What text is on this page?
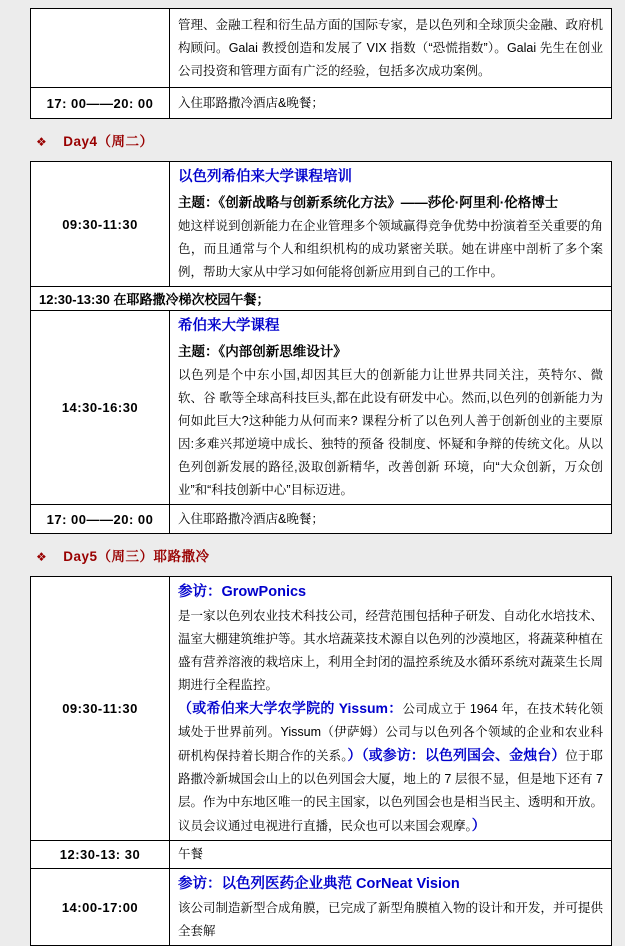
	管理、金融工程和衍生品方面的国际专家，是以色列和全球顶尖金融、政府机构顾问。Galai 教授创造和发展了 VIX 指数（“恐慌指数”）。Galai 先生在创业公司投资和管理方面有广泛的经验，包括多次成功案例。

17: 00——20: 00	入住耶路撒冷酒店&晚餐；

❖ Day4（周二）
09:30-11:30	以色列希伯来大学课程培训

主题：《创新战略与创新系统化方法》——莎伦·阿里利·伦格博士

她这样说到创新能力在企业管理多个领域赢得竞争优势中扮演着至关重要的角色，而且通常与个人和组织机构的成功紧密关联。她在讲座中剖析了多个案例，帮助大家从中学习如何能将创新应用到自己的工作中。

12:30-13:30 在耶路撒冷梯次校园午餐；	
14:30-16:30	希伯来大学课程

主题：《内部创新思维设计》

以色列是个中东小国,却因其巨大的创新能力让世界共同关注，英特尔、微软、谷 歌等全球高科技巨头,都在此设有研发中心。然而,以色列的创新能力为何如此巨大?这种能力从何而来? 课程分析了以色列人善于创新创业的主要原因:多难兴邦逆境中成长、独特的预备 役制度、怀疑和争辩的传统文化。从以色列创新发展的路径,汲取创新精华，改善创新 环境，向“大众创新，万众创业”和“科技创新中心”目标迈进。

17: 00——20: 00	入住耶路撒冷酒店&晚餐；

❖ Day5（周三）耶路撒冷
09:30-11:30	参访：GrowPonics

是一家以色列农业技术科技公司，经营范围包括种子研发、自动化水培技术、温室大棚建筑维护等。其水培蔬菜技术源自以色列的沙漠地区，将蔬菜种植在盛有营养溶液的栽培床上，利用全封闭的温控系统及水循环系统对蔬菜生长周期进行全程监控。

（或希伯来大学农学院的 Yissum：公司成立于 1964 年，在技术转化领域处于世界前列。Yissum（伊萨姆）公司与以色列各个领域的企业和农业科研机构保持着长期合作的关系。）（或参访：以色列国会、金烛台）位于耶路撒冷新城国会山上的以色列国会大厦，地上的 7 层很不显，但是地下还有 7 层。作为中东地区唯一的民主国家，以色列国会也是相当民主、透明和开放。议员会议通过电视进行直播，民众也可以来国会观摩。）

12:30-13: 30	午餐

14:00-17:00	参访：以色列医药企业典范 CorNeat Vision

该公司制造新型合成角膜，已完成了新型角膜植入物的设计和开发，并可提供全套解
